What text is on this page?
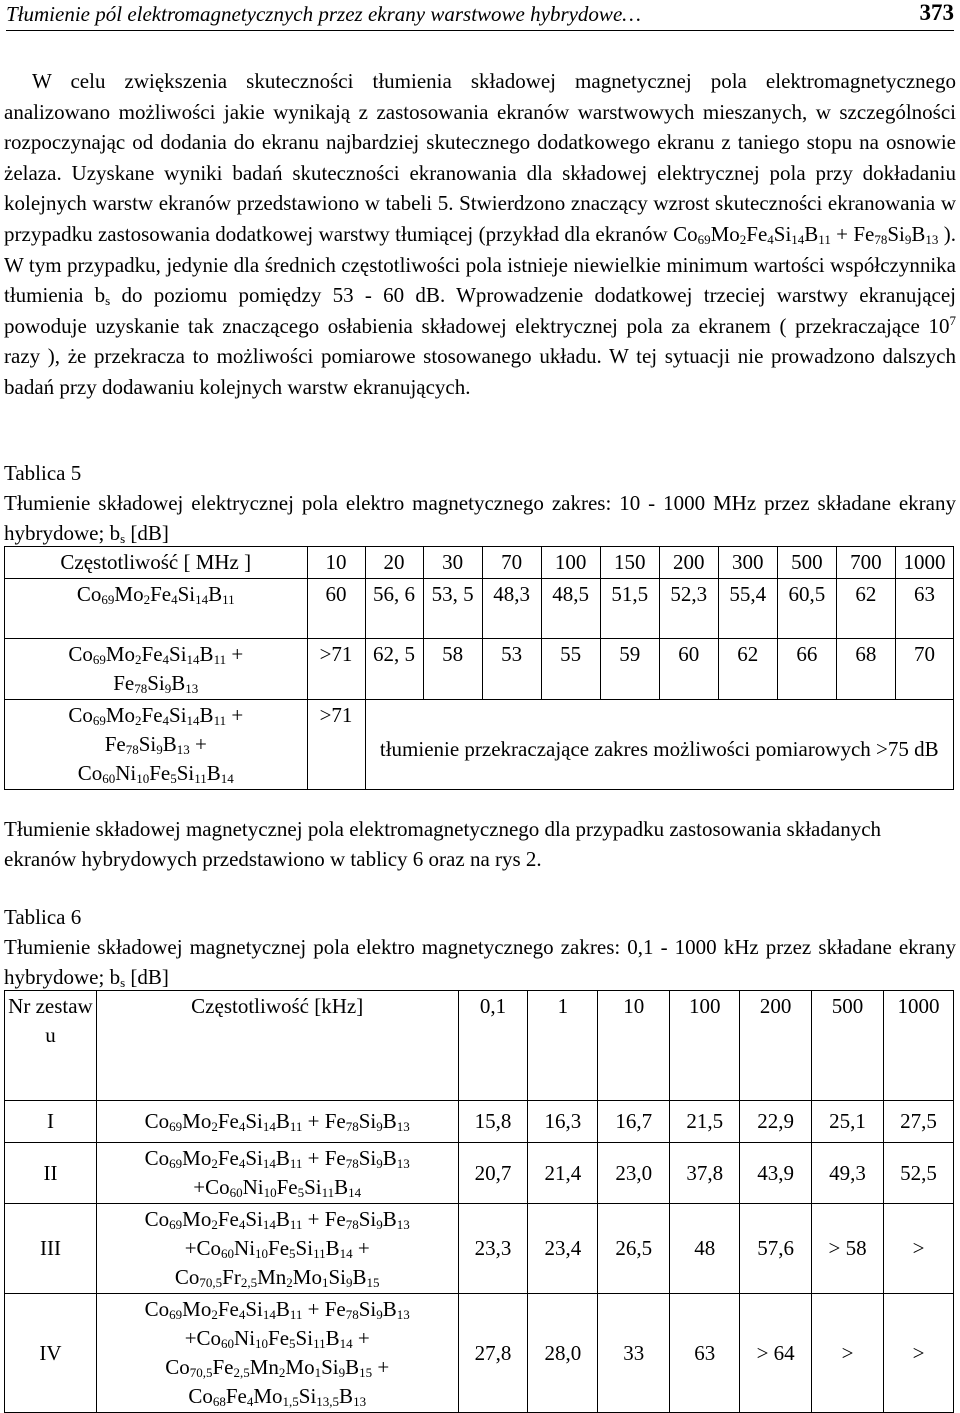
Tłumienie pól elektromagnetycznych przez ekrany warstwowe hybrydowe…	373

W celu zwiększenia skuteczności tłumienia składowej magnetycznej pola elektromagnetycznego analizowano możliwości jakie wynikają z zastosowania ekranów warstwowych mieszanych, w szczególności rozpoczynając od dodania do ekranu najbardziej skutecznego dodatkowego ekranu z taniego stopu na osnowie żelaza. Uzyskane wyniki badań skuteczności ekranowania dla składowej elektrycznej pola przy dokładaniu kolejnych warstw ekranów przedstawiono w tabeli 5. Stwierdzono znaczący wzrost skuteczności ekranowania w przypadku zastosowania dodatkowej warstwy tłumiącej (przykład dla ekranów $Co_{69}Mo_2Fe_4Si_{14}B_{11} + Fe_{78}Si_9B_{13}$ ). W tym przypadku, jedynie dla średnich częstotliwości pola istnieje niewielkie minimum wartości współczynnika tłumienia $b_s$ do poziomu pomiędzy 53 - 60 dB. Wprowadzenie dodatkowej trzeciej warstwy ekranującej powoduje uzyskanie tak znaczącego osłabienia składowej elektrycznej pola za ekranem ( przekraczające $10^7$ razy ), że przekracza to możliwości pomiarowe stosowanego układu. W tej sytuacji nie prowadzono dalszych badań przy dodawaniu kolejnych warstw ekranujących.

Tablica 5
Tłumienie składowej elektrycznej pola elektro magnetycznego zakres: 10 - 1000 MHz przez składane ekrany hybrydowe; $b_s$ [dB]
Częstotliwość [ MHz ]	10	20	30	70	100	150	200	300	500	700	1000
$Co_{69}Mo_2Fe_4Si_{14}B_{11}$	60	56, 6	53, 5	48,3	48,5	51,5	52,3	55,4	60,5	62	63
$Co_{69}Mo_2Fe_4Si_{14}B_{11}$ +
$Fe_{78}Si_9B_{13}$	>71	62, 5	58	53	55	59	60	62	66	68	70
$Co_{69}Mo_2Fe_4Si_{14}B_{11}$ +
$Fe_{78}Si_9B_{13}$ +
$Co_{60}Ni_{10}Fe_5Si_{11}B_{14}$	>71	tłumienie przekraczające zakres możliwości pomiarowych >75 dB									
Tłumienie składowej magnetycznej pola elektromagnetycznego dla przypadku zastosowania składanych ekranów hybrydowych przedstawiono w tablicy 6 oraz na rys 2.
Tablica 6
Tłumienie składowej magnetycznej pola elektro magnetycznego zakres: 0,1 - 1000 kHz przez składane ekrany hybrydowe; $b_s$ [dB]
Nr zestaw u	Częstotliwość [kHz]	0,1	1	10	100	200	500	1000
I	$Co_{69}Mo_2Fe_4Si_{14}B_{11} + Fe_{78}Si_9B_{13}$	15,8	16,3	16,7	21,5	22,9	25,1	27,5
II	$Co_{69}Mo_2Fe_4Si_{14}B_{11} + Fe_{78}Si_9B_{13}$
$+Co_{60}Ni_{10}Fe_5Si_{11}B_{14}$	20,7	21,4	23,0	37,8	43,9	49,3	52,5
III	$Co_{69}Mo_2Fe_4Si_{14}B_{11} + Fe_{78}Si_9B_{13}$
$+Co_{60}Ni_{10}Fe_5Si_{11}B_{14}$ +
$Co_{70,5}Fr_{2,5}Mn_2Mo_1Si_9B_{15}$	23,3	23,4	26,5	48	57,6	> 58	>
IV	$Co_{69}Mo_2Fe_4Si_{14}B_{11} + Fe_{78}Si_9B_{13}$
$+Co_{60}Ni_{10}Fe_5Si_{11}B_{14}$ +
$Co_{70,5}Fe_{2,5}Mn_2Mo_1Si_9B_{15}$ +
$Co_{68}Fe_4Mo_{1,5}Si_{13,5}B_{13}$	27,8	28,0	33	63	> 64	>	>
